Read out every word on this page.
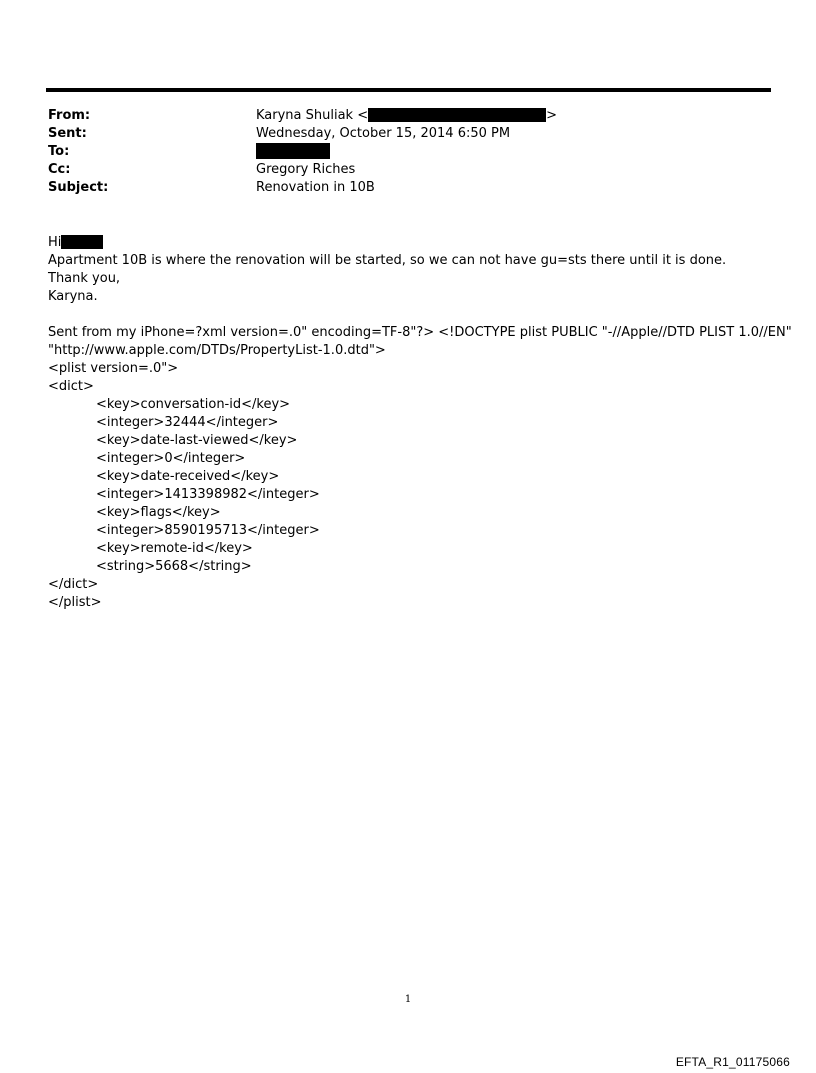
From:
Sent:
To:
Cc:
Subject:
Karyna Shuliak <	>
Wednesday, October 15, 2014 6:50 PM
Gregory Riches
Renovation in 10B
Hi
Apartment 10B is where the renovation will be started, so we can not have gu=sts there until it is done.
Thank you,
Karyna.
Sent from my iPhone=?xml version=.0" encoding=TF-8"?> <!DOCTYPE plist PUBLIC "-//Apple//DTD PLIST 1.0//EN"
"http://www.apple.com/DTDs/PropertyList-1.0.dtd">
<plist version=.0">
<dict>
<key>conversation-id</key>
<integer>32444</integer>
<key>date-last-viewed</key>
<integer>0</integer>
<key>date-received</key>
<integer>1413398982</integer>
<key>flags</key>
<integer>8590195713</integer>
<key>remote-id</key>
<string>5668</string>
</dict>
</plist>
1
EFTA_R1_01175066
